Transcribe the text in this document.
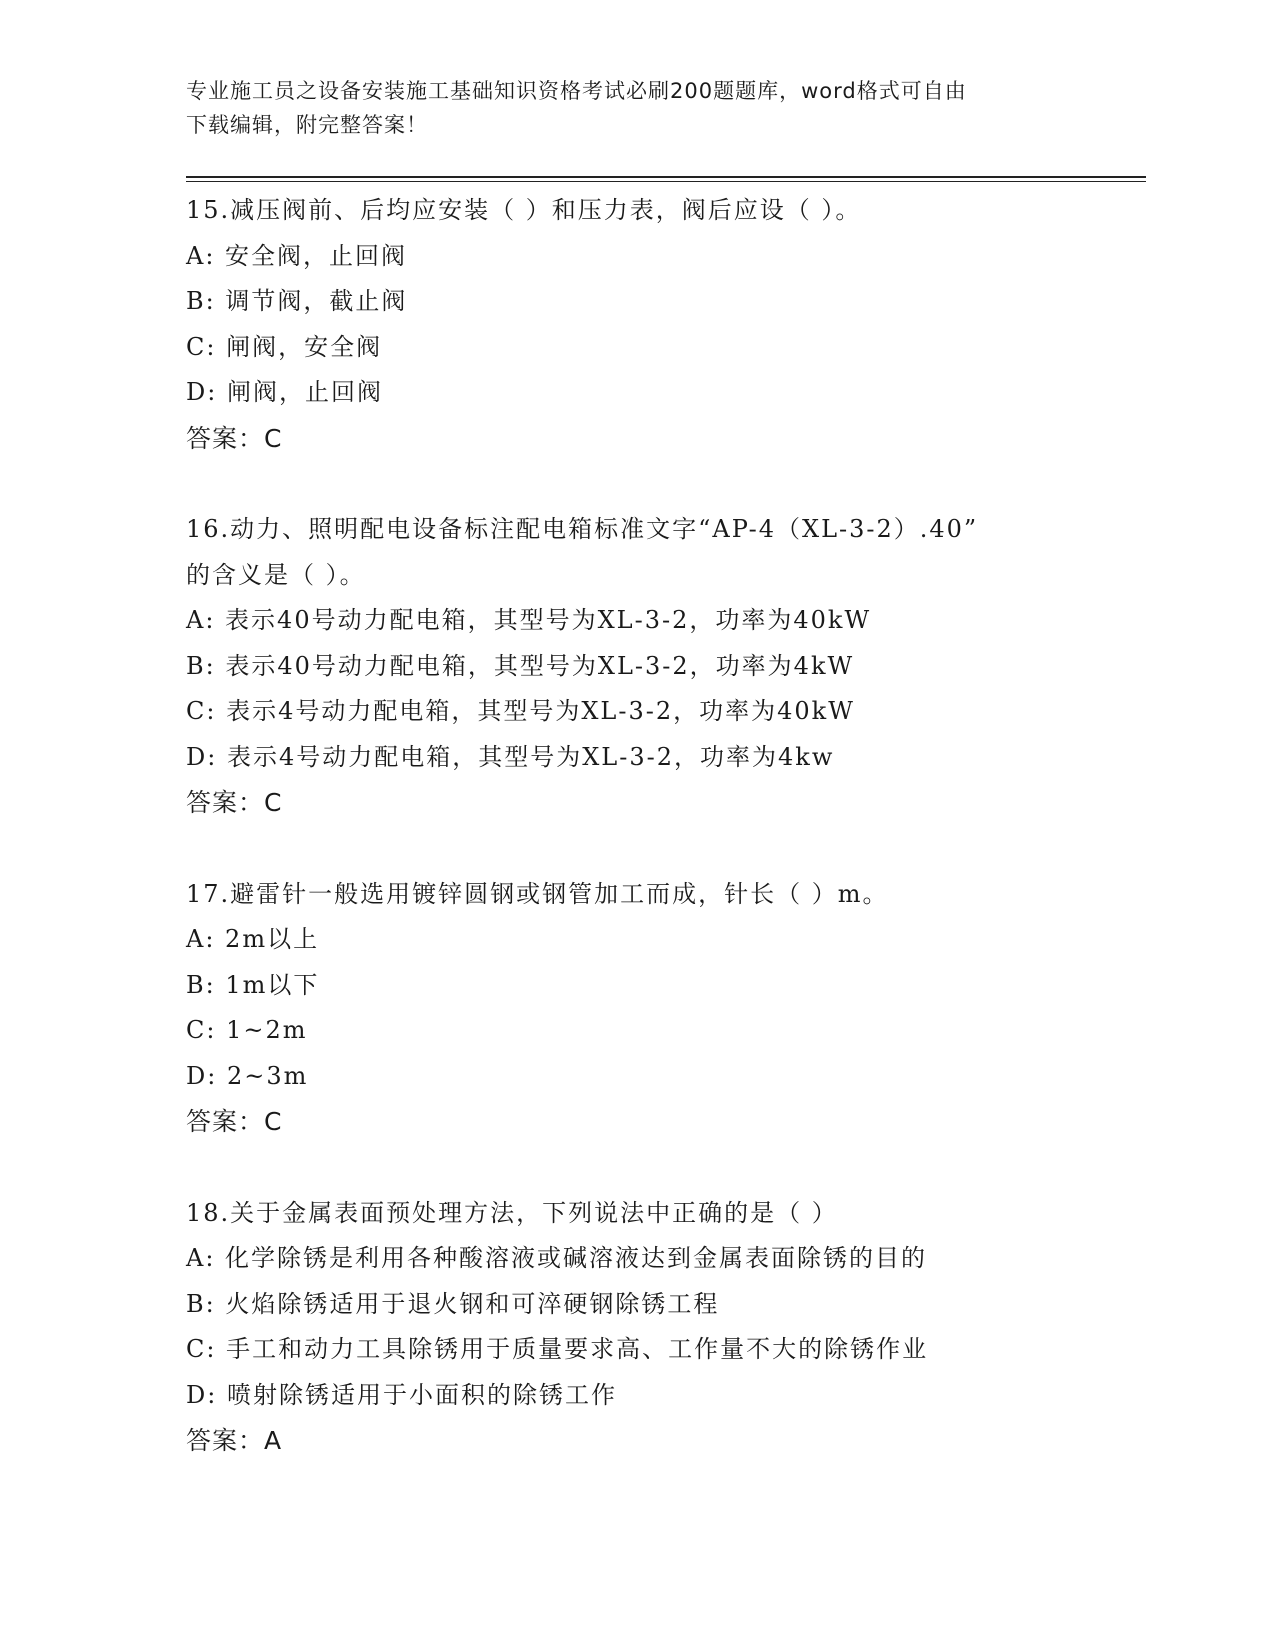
专业施工员之设备安装施工基础知识资格考试必刷200题题库，word格式可自由
下载编辑，附完整答案！
15.减压阀前、后均应安装（ ）和压力表，阀后应设（ ）。
A: 安全阀，止回阀
B: 调节阀，截止阀
C: 闸阀，安全阀
D: 闸阀，止回阀
答案：C
16.动力、照明配电设备标注配电箱标准文字“AP-4（XL-3-2）.40”
的含义是（ ）。
A: 表示40号动力配电箱，其型号为XL-3-2，功率为40kW
B: 表示40号动力配电箱，其型号为XL-3-2，功率为4kW
C: 表示4号动力配电箱，其型号为XL-3-2，功率为40kW
D: 表示4号动力配电箱，其型号为XL-3-2，功率为4kw
答案：C
17.避雷针一般选用镀锌圆钢或钢管加工而成，针长（ ）m。
A: 2m以上
B: 1m以下
C: 1~2m
D: 2~3m
答案：C
18.关于金属表面预处理方法，下列说法中正确的是（ ）
A: 化学除锈是利用各种酸溶液或碱溶液达到金属表面除锈的目的
B: 火焰除锈适用于退火钢和可淬硬钢除锈工程
C: 手工和动力工具除锈用于质量要求高、工作量不大的除锈作业
D: 喷射除锈适用于小面积的除锈工作
答案：A
